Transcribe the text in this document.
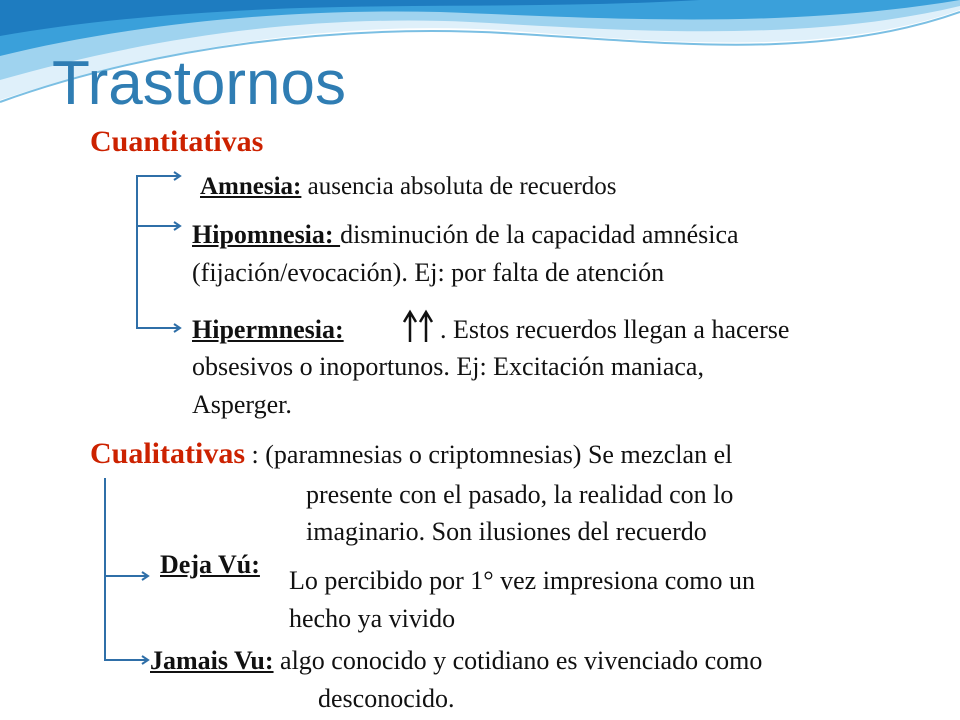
Trastornos
Cuantitativas
Amnesia: ausencia absoluta de recuerdos
Hipomnesia: disminución de la capacidad amnésica
(fijación/evocación). Ej: por falta de atención
Hipermnesia:	. Estos recuerdos llegan a hacerse
obsesivos o inoportunos. Ej: Excitación maniaca,
Asperger.
Cualitativas : (paramnesias o criptomnesias) Se mezclan el
presente con el pasado, la realidad con lo
imaginario. Son ilusiones del recuerdo
Deja Vú:
Lo percibido por 1° vez impresiona como un
hecho ya vivido
Jamais Vu: algo conocido y cotidiano es vivenciado como
desconocido.
